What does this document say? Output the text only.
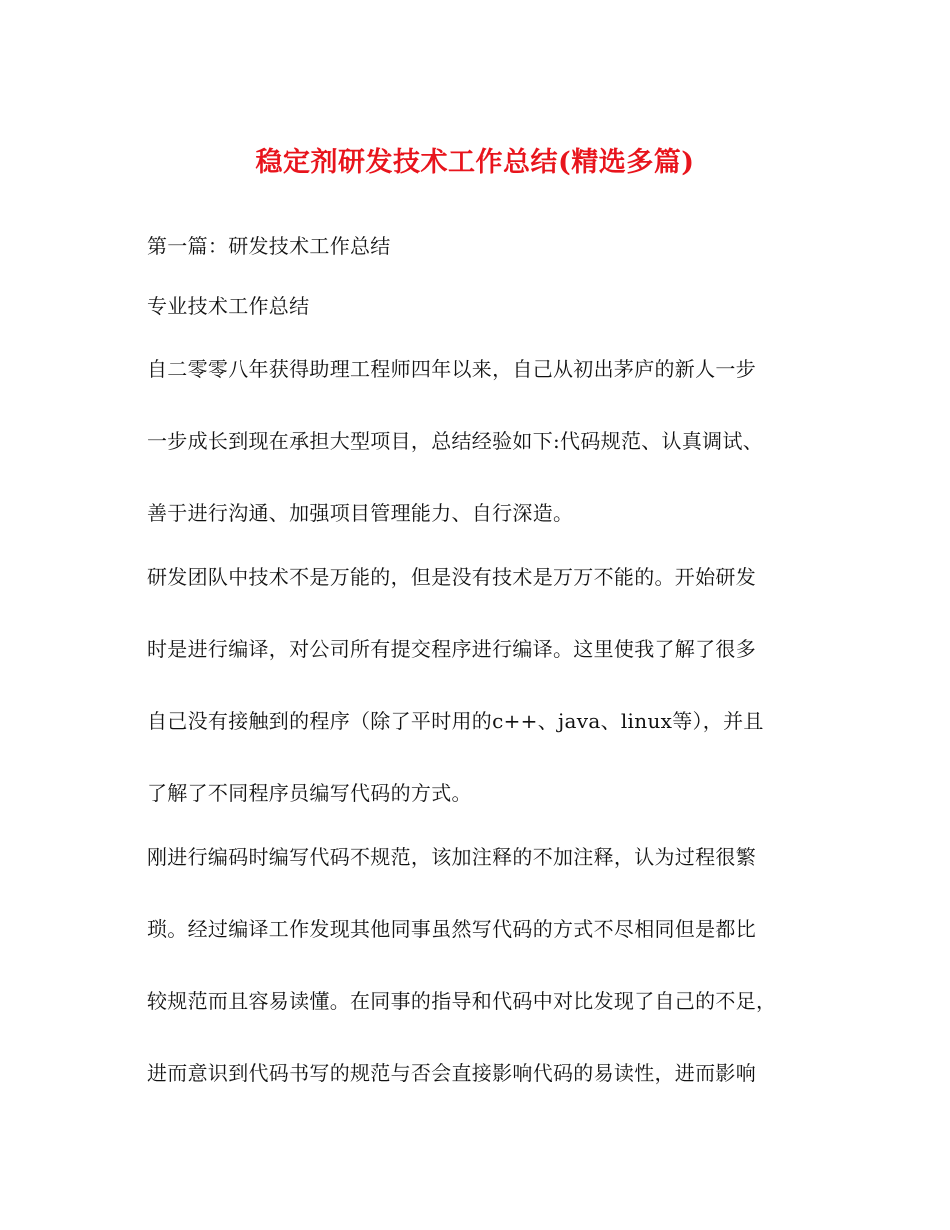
稳定剂研发技术工作总结(精选多篇)
第一篇：研发技术工作总结
专业技术工作总结
自二零零八年获得助理工程师四年以来，自己从初出茅庐的新人一步
一步成长到现在承担大型项目，总结经验如下:代码规范、认真调试、
善于进行沟通、加强项目管理能力、自行深造。
研发团队中技术不是万能的，但是没有技术是万万不能的。开始研发
时是进行编译，对公司所有提交程序进行编译。这里使我了解了很多
自己没有接触到的程序（除了平时用的c++、java、linux等），并且
了解了不同程序员编写代码的方式。
刚进行编码时编写代码不规范，该加注释的不加注释，认为过程很繁
琐。经过编译工作发现其他同事虽然写代码的方式不尽相同但是都比
较规范而且容易读懂。在同事的指导和代码中对比发现了自己的不足，
进而意识到代码书写的规范与否会直接影响代码的易读性，进而影响
